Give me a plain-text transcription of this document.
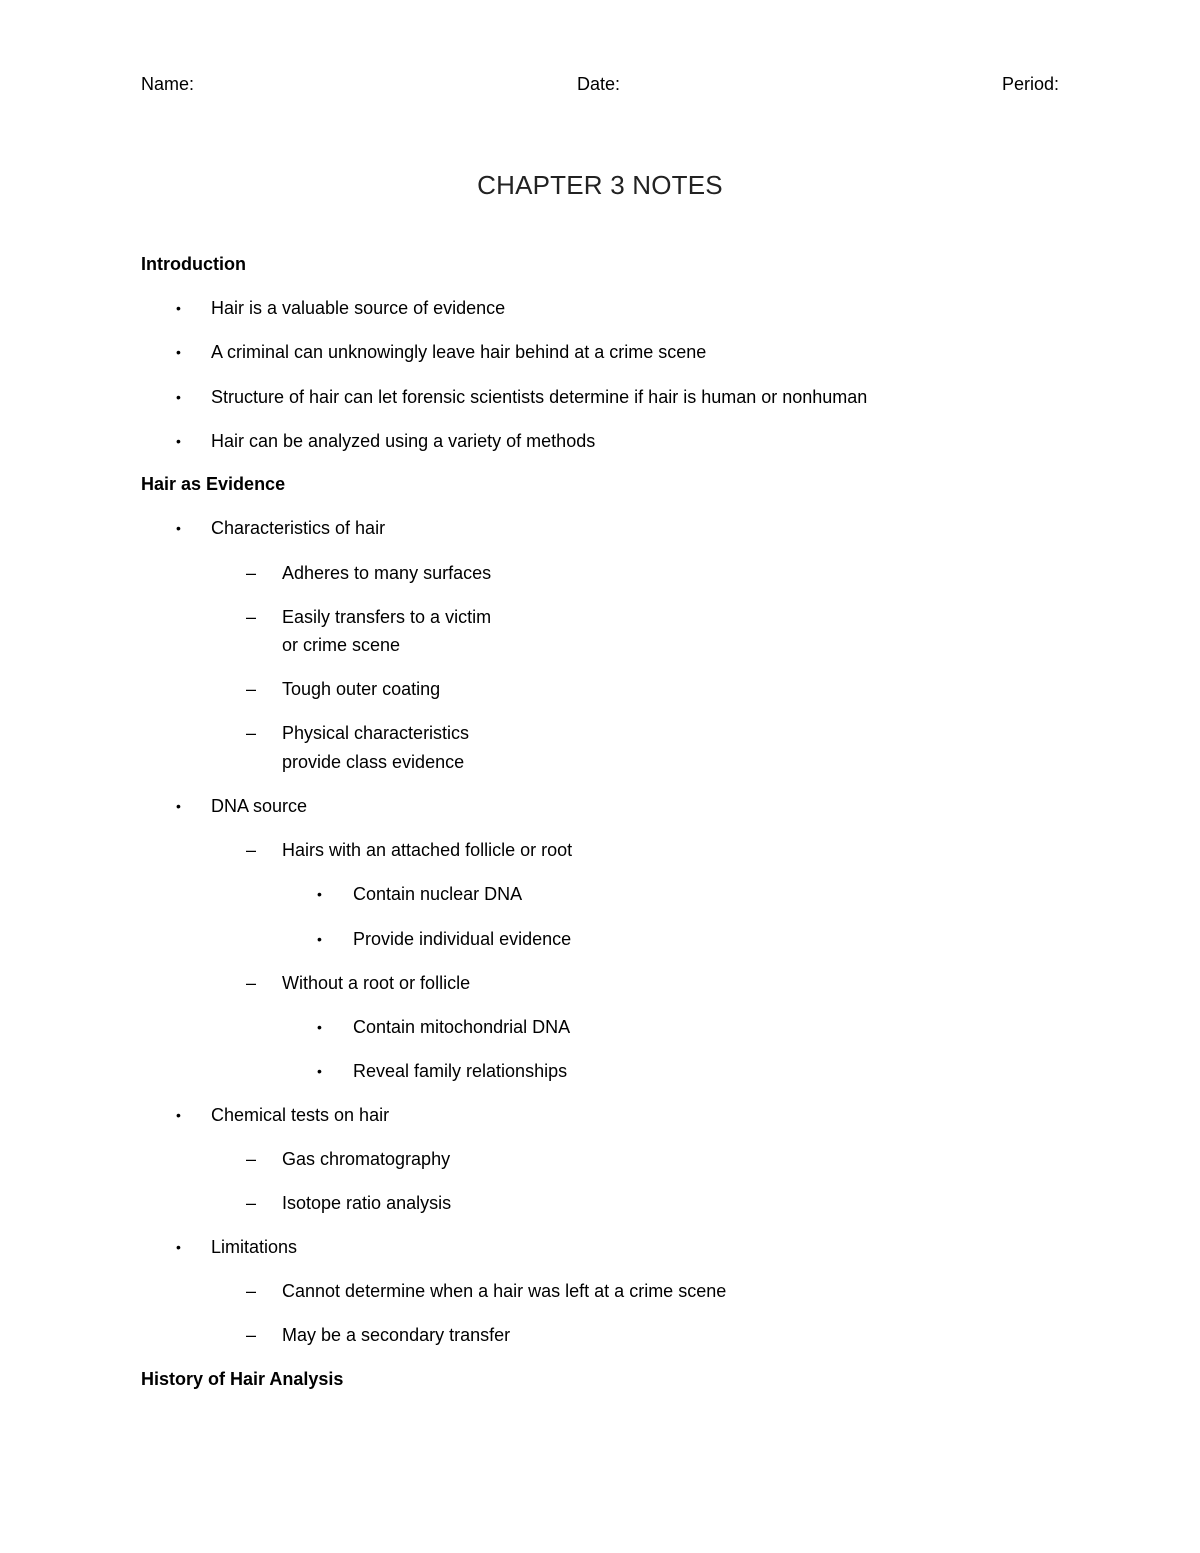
Name:	Date:	Period:
CHAPTER 3 NOTES
Introduction
• Hair is a valuable source of evidence
• A criminal can unknowingly leave hair behind at a crime scene
• Structure of hair can let forensic scientists determine if hair is human or nonhuman
• Hair can be analyzed using a variety of methods
Hair as Evidence
• Characteristics of hair
– Adheres to many surfaces
– Easily transfers to a victim
or crime scene
– Tough outer coating
– Physical characteristics
provide class evidence
• DNA source
– Hairs with an attached follicle or root
• Contain nuclear DNA
• Provide individual evidence
– Without a root or follicle
• Contain mitochondrial DNA
• Reveal family relationships
• Chemical tests on hair
– Gas chromatography
– Isotope ratio analysis
• Limitations
– Cannot determine when a hair was left at a crime scene
– May be a secondary transfer
History of Hair Analysis
